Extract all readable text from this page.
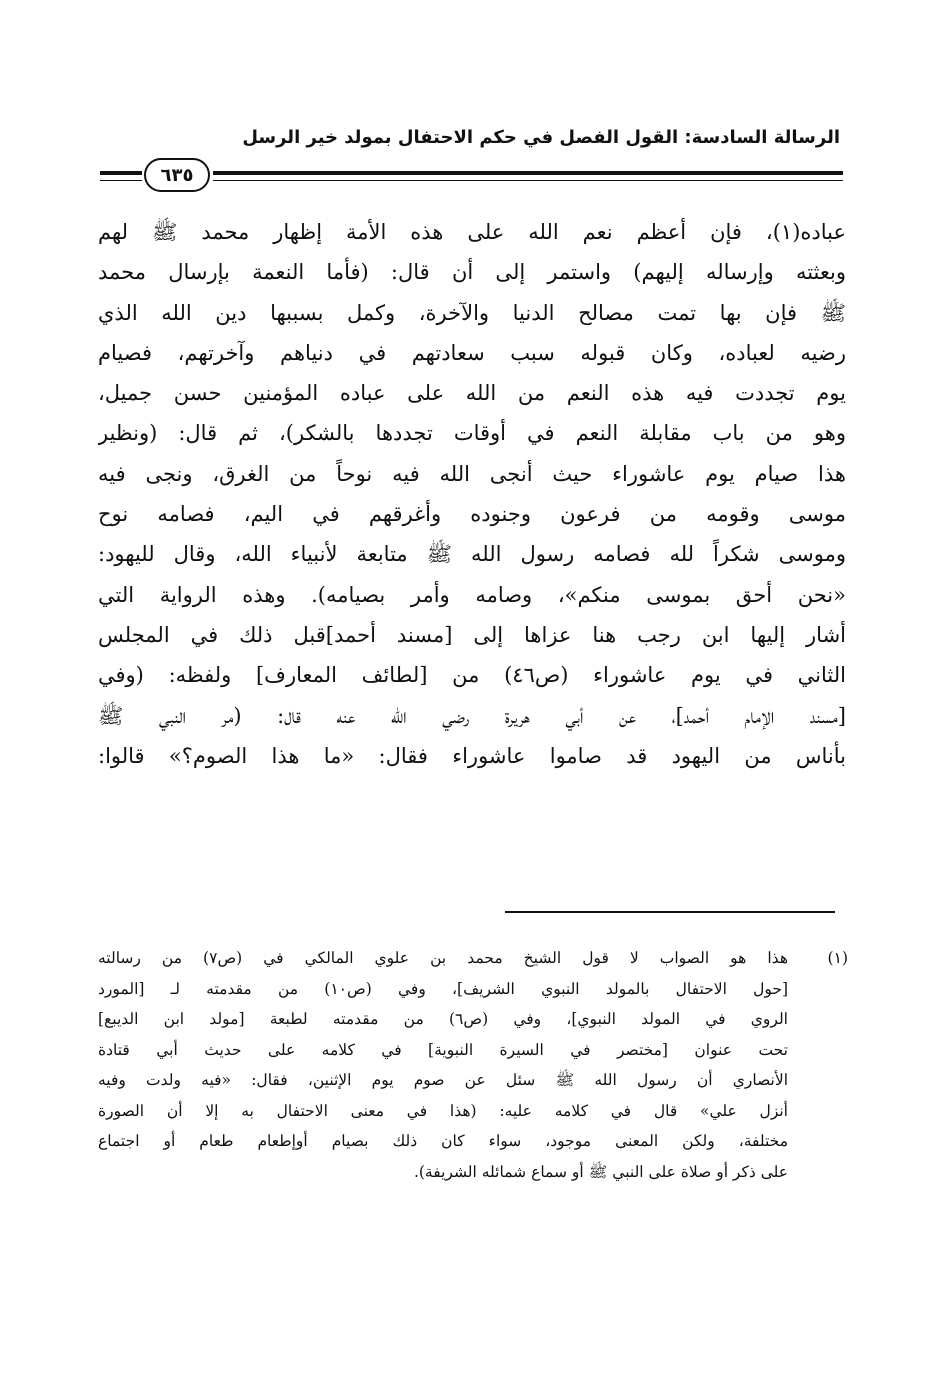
الرسالة السادسة: القول الفصل في حكم الاحتفال بمولد خير الرسل
٦٣٥
عباده(١)، فإن أعظم نعم الله على هذه الأمة إظهار محمد ﷺ لهم
وبعثته وإرساله إليهم) واستمر إلى أن قال: (فأما النعمة بإرسال محمد
ﷺ فإن بها تمت مصالح الدنيا والآخرة، وكمل بسببها دين الله الذي
رضيه لعباده، وكان قبوله سبب سعادتهم في دنياهم وآخرتهم، فصيام
يوم تجددت فيه هذه النعم من الله على عباده المؤمنين حسن جميل،
وهو من باب مقابلة النعم في أوقات تجددها بالشكر)، ثم قال: (ونظير
هذا صيام يوم عاشوراء حيث أنجى الله فيه نوحاً من الغرق، ونجى فيه
موسى وقومه من فرعون وجنوده وأغرقهم في اليم، فصامه نوح
وموسى شكراً لله فصامه رسول الله ﷺ متابعة لأنبياء الله، وقال لليهود:
«نحن أحق بموسى منكم»، وصامه وأمر بصيامه). وهذه الرواية التي
أشار إليها ابن رجب هنا عزاها إلى [مسند أحمد]قبل ذلك في المجلس
الثاني في يوم عاشوراء (ص٤٦) من [لطائف المعارف] ولفظه: (وفي
[مسند الإمام أحمد]، عن أبي هريرة رضي الله عنه قال: (مر النبي ﷺ
بأناس من اليهود قد صاموا عاشوراء فقال: «ما هذا الصوم؟» قالوا:
(١)
هذا هو الصواب لا قول الشيخ محمد بن علوي المالكي في (ص٧) من رسالته
[حول الاحتفال بالمولد النبوي الشريف]، وفي (ص١٠) من مقدمته لـ [المورد
الروي في المولد النبوي]، وفي (ص٦) من مقدمته لطبعة [مولد ابن الديبع]
تحت عنوان [مختصر في السيرة النبوية] في كلامه على حديث أبي قتادة
الأنصاري أن رسول الله ﷺ سئل عن صوم يوم الإثنين، فقال: «فيه ولدت وفيه
أنزل علي» قال في كلامه عليه: (هذا في معنى الاحتفال به إلا أن الصورة
مختلفة، ولكن المعنى موجود، سواء كان ذلك بصيام أوإطعام طعام أو اجتماع
على ذكر أو صلاة على النبي ﷺ أو سماع شمائله الشريفة).
